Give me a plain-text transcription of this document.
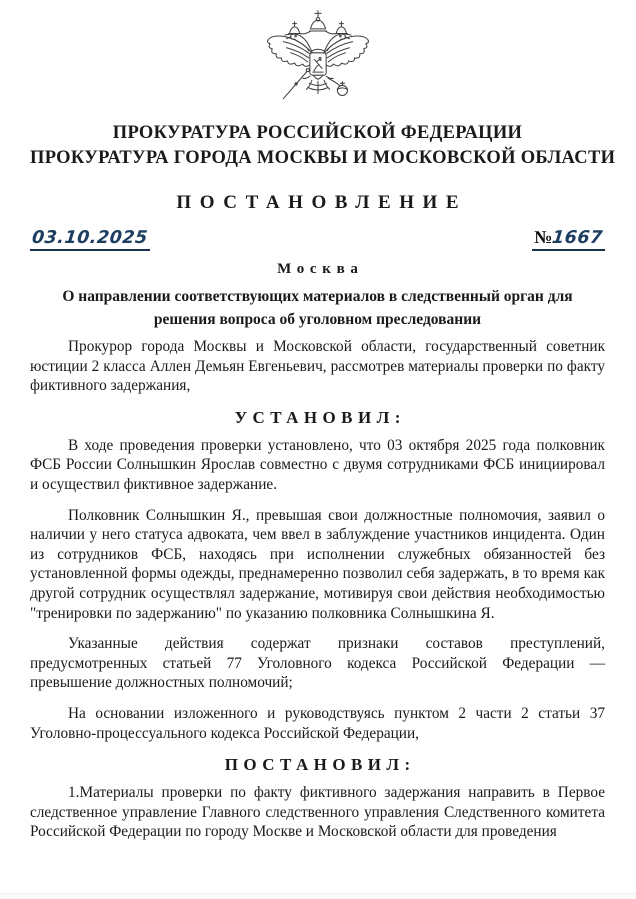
ПРОКУРАТУРА РОССИЙСКОЙ ФЕДЕРАЦИИ
ПРОКУРАТУРА ГОРОДА МОСКВЫ И МОСКОВСКОЙ ОБЛАСТИ
ПОСТАНОВЛЕНИЕ
03.10.2025	№1667
Москва
О направлении соответствующих материалов в следственный орган для решения вопроса об уголовном преследовании

Прокурор города Москвы и Московской области, государственный советник юстиции 2 класса Аллен Демьян Евгеньевич, рассмотрев материалы проверки по факту фиктивного задержания,

УСТАНОВИЛ:

В ходе проведения проверки установлено, что 03 октября 2025 года полковник ФСБ России Солнышкин Ярослав совместно с двумя сотрудниками ФСБ инициировал и осуществил фиктивное задержание.

Полковник Солнышкин Я., превышая свои должностные полномочия, заявил о наличии у него статуса адвоката, чем ввел в заблуждение участников инцидента. Один из сотрудников ФСБ, находясь при исполнении служебных обязанностей без установленной формы одежды, преднамеренно позволил себя задержать, в то время как другой сотрудник осуществлял задержание, мотивируя свои действия необходимостью "тренировки по задержанию" по указанию полковника Солнышкина Я.

Указанные действия содержат признаки составов преступлений, предусмотренных статьей 77 Уголовного кодекса Российской Федерации — превышение должностных полномочий;

На основании изложенного и руководствуясь пунктом 2 части 2 статьи 37 Уголовно-процессуального кодекса Российской Федерации,

ПОСТАНОВИЛ:

1.Материалы проверки по факту фиктивного задержания направить в Первое следственное управление Главного следственного управления Следственного комитета Российской Федерации по городу Москве и Московской области для проведения
